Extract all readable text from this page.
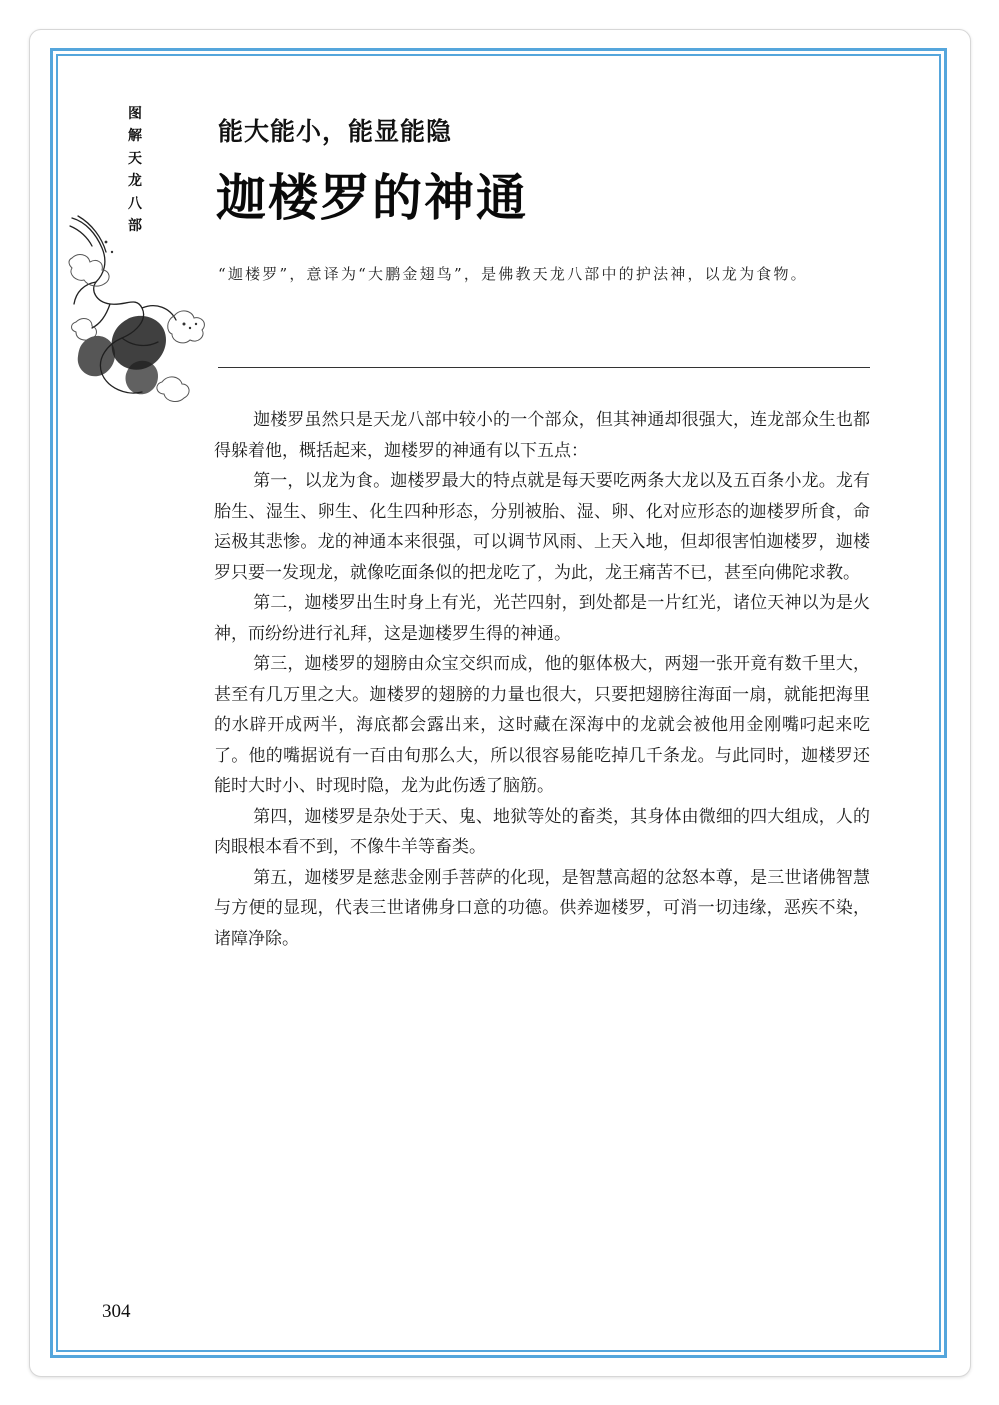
图解天龙八部
能大能小，能显能隐
迦楼罗的神通
“迦楼罗”，意译为“大鹏金翅鸟”，是佛教天龙八部中的护法神，以龙为食物。

迦楼罗虽然只是天龙八部中较小的一个部众，但其神通却很强大，连龙部众生也都得躲着他，概括起来，迦楼罗的神通有以下五点：

第一，以龙为食。迦楼罗最大的特点就是每天要吃两条大龙以及五百条小龙。龙有胎生、湿生、卵生、化生四种形态，分别被胎、湿、卵、化对应形态的迦楼罗所食，命运极其悲惨。龙的神通本来很强，可以调节风雨、上天入地，但却很害怕迦楼罗，迦楼罗只要一发现龙，就像吃面条似的把龙吃了，为此，龙王痛苦不已，甚至向佛陀求教。

第二，迦楼罗出生时身上有光，光芒四射，到处都是一片红光，诸位天神以为是火神，而纷纷进行礼拜，这是迦楼罗生得的神通。

第三，迦楼罗的翅膀由众宝交织而成，他的躯体极大，两翅一张开竟有数千里大，甚至有几万里之大。迦楼罗的翅膀的力量也很大，只要把翅膀往海面一扇，就能把海里的水辟开成两半，海底都会露出来，这时藏在深海中的龙就会被他用金刚嘴叼起来吃了。他的嘴据说有一百由旬那么大，所以很容易能吃掉几千条龙。与此同时，迦楼罗还能时大时小、时现时隐，龙为此伤透了脑筋。

第四，迦楼罗是杂处于天、鬼、地狱等处的畜类，其身体由微细的四大组成，人的肉眼根本看不到，不像牛羊等畜类。

第五，迦楼罗是慈悲金刚手菩萨的化现，是智慧高超的忿怒本尊，是三世诸佛智慧与方便的显现，代表三世诸佛身口意的功德。供养迦楼罗，可消一切违缘，恶疾不染，诸障净除。

304
